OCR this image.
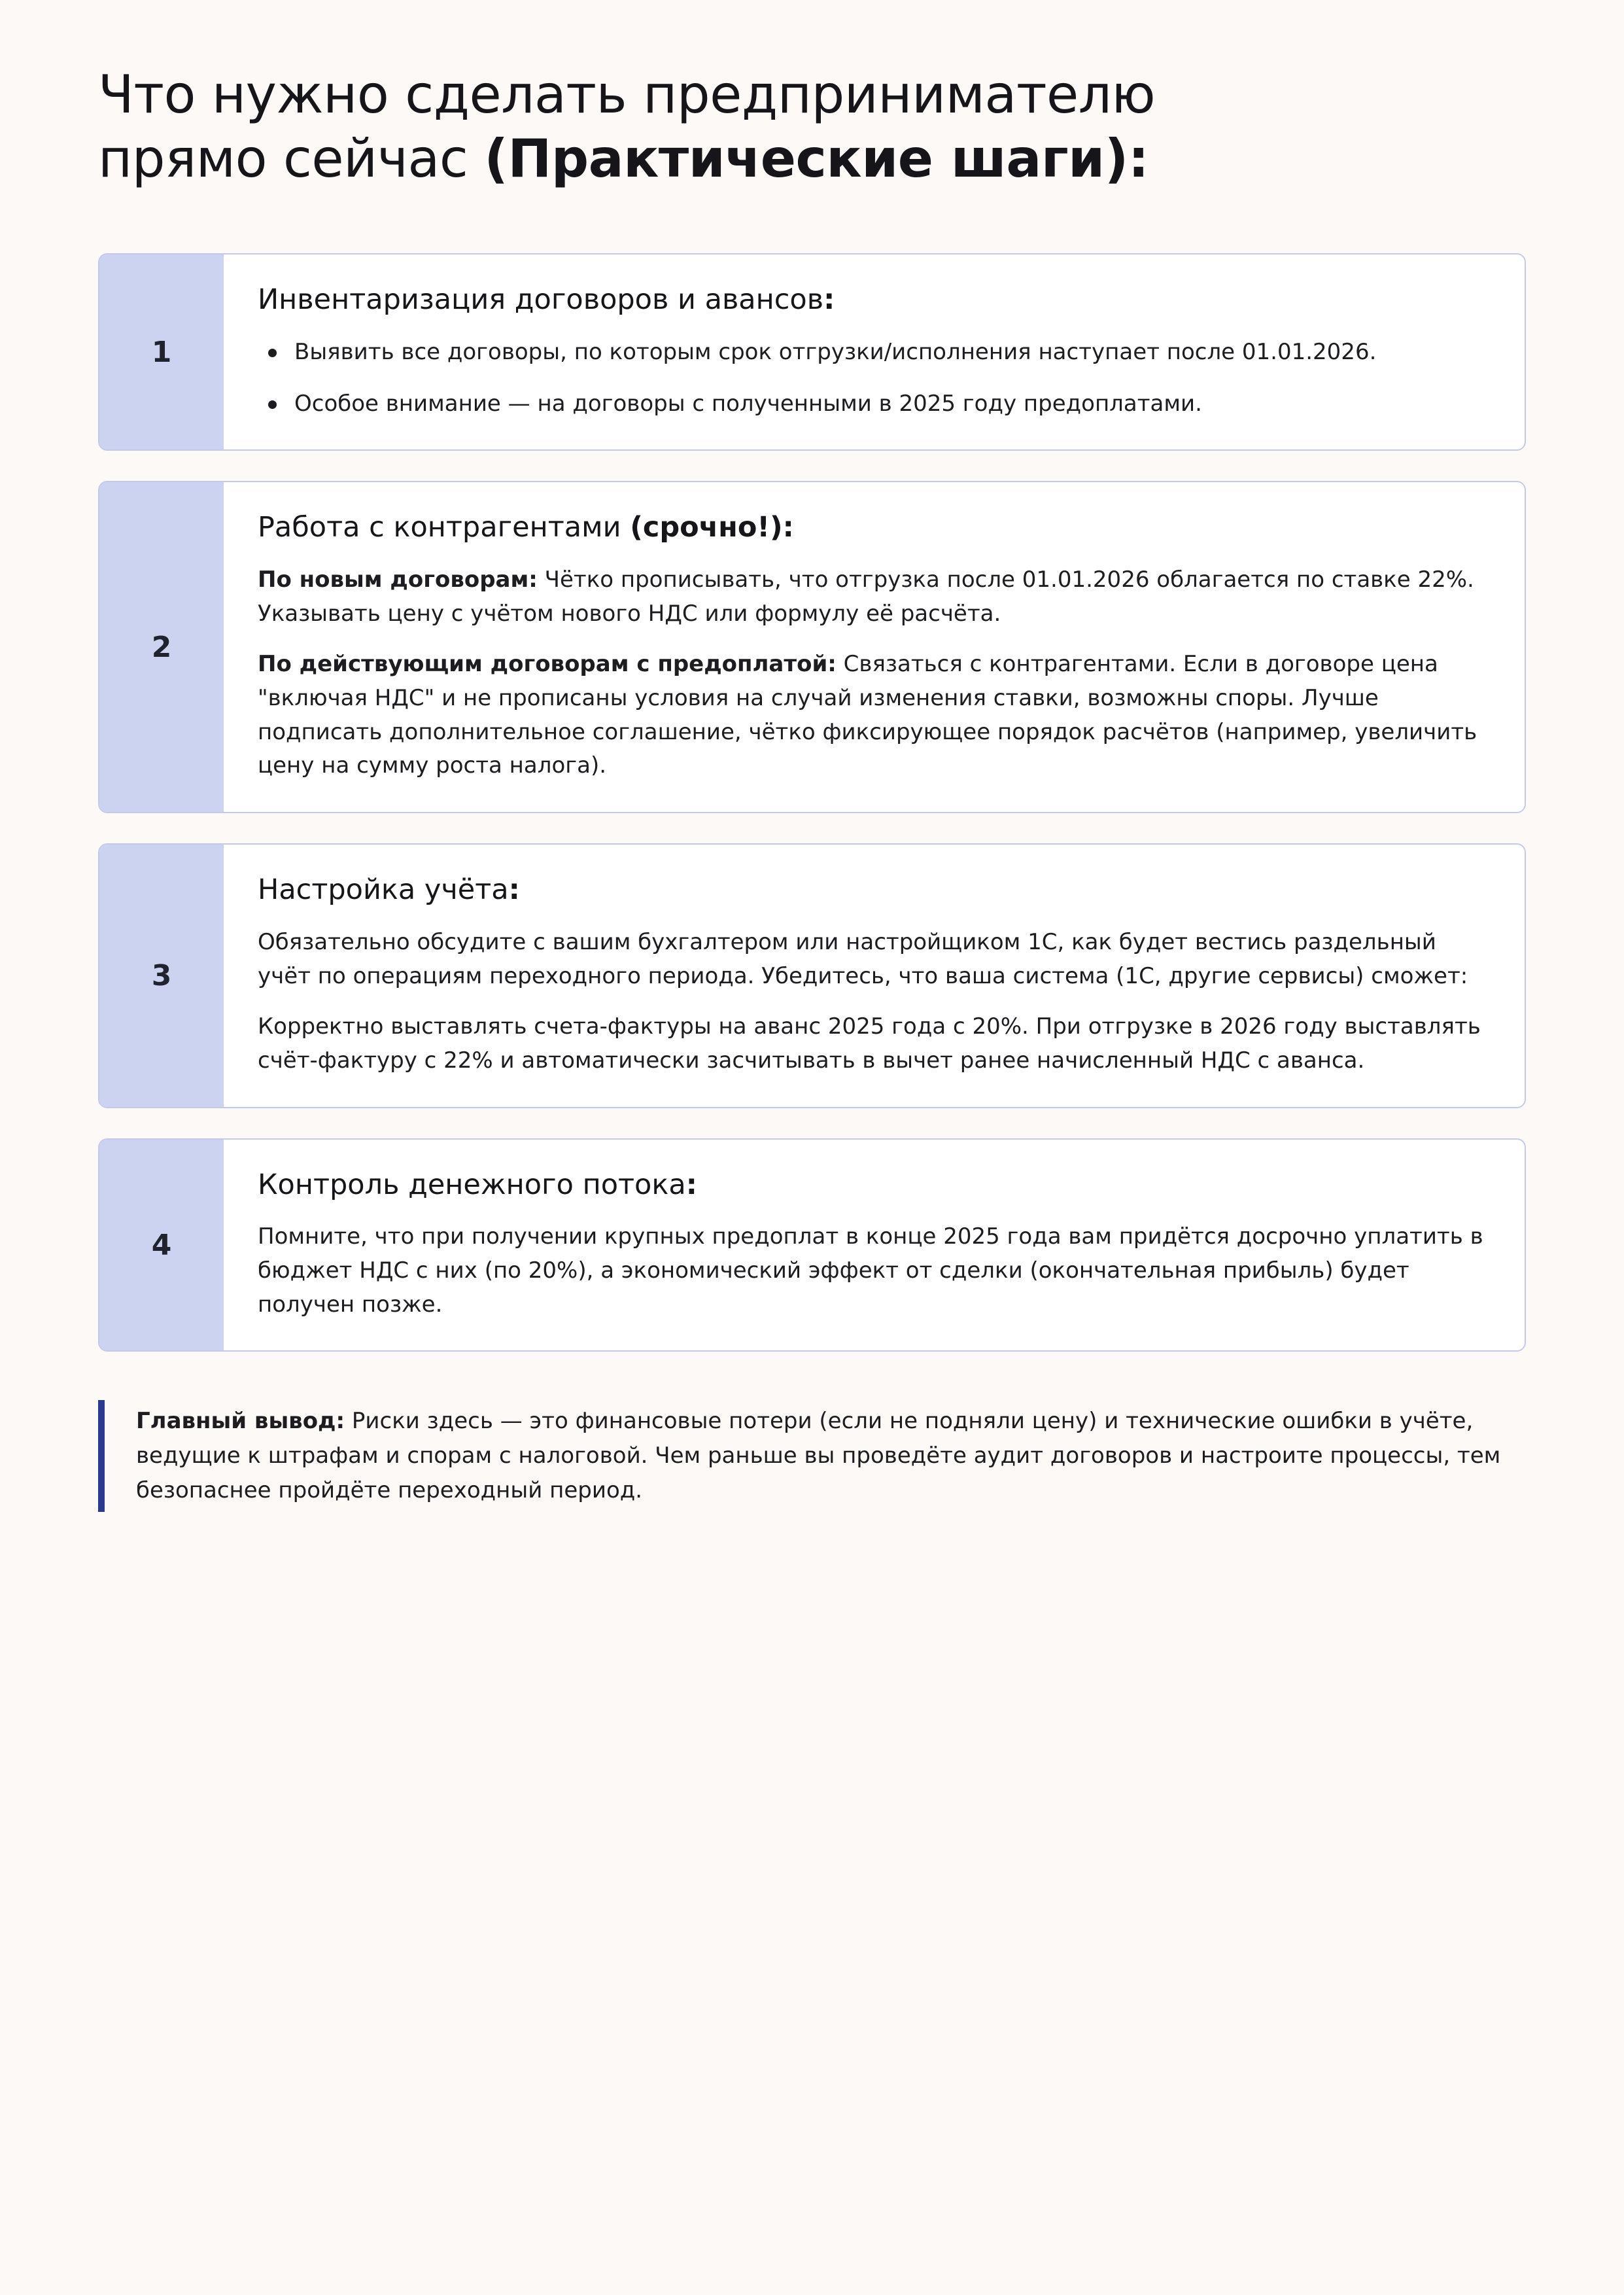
Что нужно сделать предпринимателю
прямо сейчас (Практические шаги):
1
Инвентаризация договоров и авансов:
Выявить все договоры, по которым срок отгрузки/исполнения наступает после 01.01.2026.
Особое внимание — на договоры с полученными в 2025 году предоплатами.
2
Работа с контрагентами (срочно!):

По новым договорам: Чётко прописывать, что отгрузка после 01.01.2026 облагается по ставке 22%. Указывать цену с учётом нового НДС или формулу её расчёта.

По действующим договорам с предоплатой: Связаться с контрагентами. Если в договоре цена "включая НДС" и не прописаны условия на случай изменения ставки, возможны споры. Лучше подписать дополнительное соглашение, чётко фиксирующее порядок расчётов (например, увеличить цену на сумму роста налога).

3
Настройка учёта:

Обязательно обсудите с вашим бухгалтером или настройщиком 1С, как будет вестись раздельный учёт по операциям переходного периода. Убедитесь, что ваша система (1С, другие сервисы) сможет:

Корректно выставлять счета-фактуры на аванс 2025 года с 20%. При отгрузке в 2026 году выставлять счёт-фактуру с 22% и автоматически засчитывать в вычет ранее начисленный НДС с аванса.

4
Контроль денежного потока:

Помните, что при получении крупных предоплат в конце 2025 года вам придётся досрочно уплатить в бюджет НДС с них (по 20%), а экономический эффект от сделки (окончательная прибыль) будет получен позже.

Главный вывод: Риски здесь — это финансовые потери (если не подняли цену) и технические ошибки в учёте, ведущие к штрафам и спорам с налоговой. Чем раньше вы проведёте аудит договоров и настроите процессы, тем безопаснее пройдёте переходный период.
